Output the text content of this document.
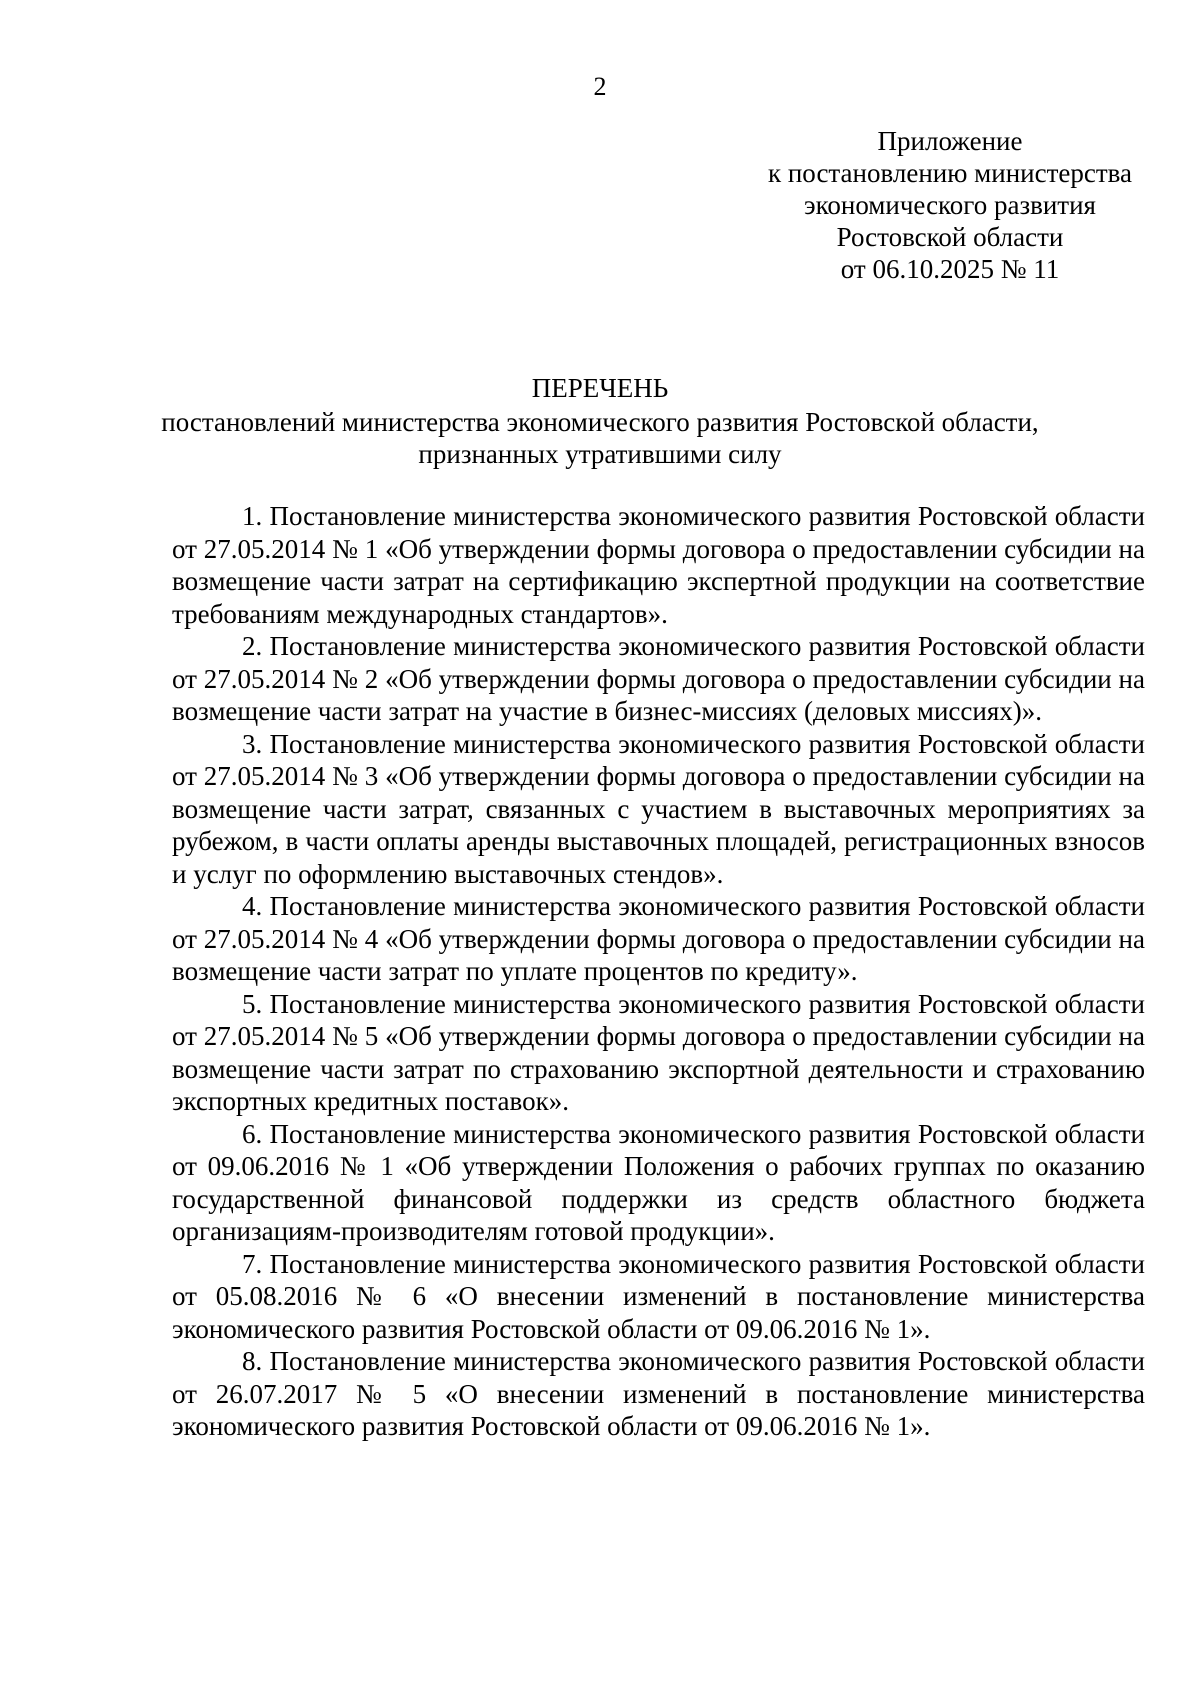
2
Приложение
к постановлению министерства
экономического развития
Ростовской области
от 06.10.2025 № 11
ПЕРЕЧЕНЬ
постановлений министерства экономического развития Ростовской области,
признанных утратившими силу

1. Постановление министерства экономического развития Ростовской области от 27.05.2014 № 1 «Об утверждении формы договора о предоставлении субсидии на возмещение части затрат на сертификацию экспертной продукции на соответствие требованиям международных стандартов».

2. Постановление министерства экономического развития Ростовской области от 27.05.2014 № 2 «Об утверждении формы договора о предоставлении субсидии на возмещение части затрат на участие в бизнес-миссиях (деловых миссиях)».

3. Постановление министерства экономического развития Ростовской области от 27.05.2014 № 3 «Об утверждении формы договора о предоставлении субсидии на возмещение части затрат, связанных с участием в выставочных мероприятиях за рубежом, в части оплаты аренды выставочных площадей, регистрационных взносов и услуг по оформлению выставочных стендов».

4. Постановление министерства экономического развития Ростовской области от 27.05.2014 № 4 «Об утверждении формы договора о предоставлении субсидии на возмещение части затрат по уплате процентов по кредиту».

5. Постановление министерства экономического развития Ростовской области от 27.05.2014 № 5 «Об утверждении формы договора о предоставлении субсидии на возмещение части затрат по страхованию экспортной деятельности и страхованию экспортных кредитных поставок».

6. Постановление министерства экономического развития Ростовской области от 09.06.2016 № 1 «Об утверждении Положения о рабочих группах по оказанию государственной финансовой поддержки из средств областного бюджета организациям-производителям готовой продукции».

7. Постановление министерства экономического развития Ростовской области от 05.08.2016 № 6 «О внесении изменений в постановление министерства экономического развития Ростовской области от 09.06.2016 № 1».

8. Постановление министерства экономического развития Ростовской области от 26.07.2017 № 5 «О внесении изменений в постановление министерства экономического развития Ростовской области от 09.06.2016 № 1».
